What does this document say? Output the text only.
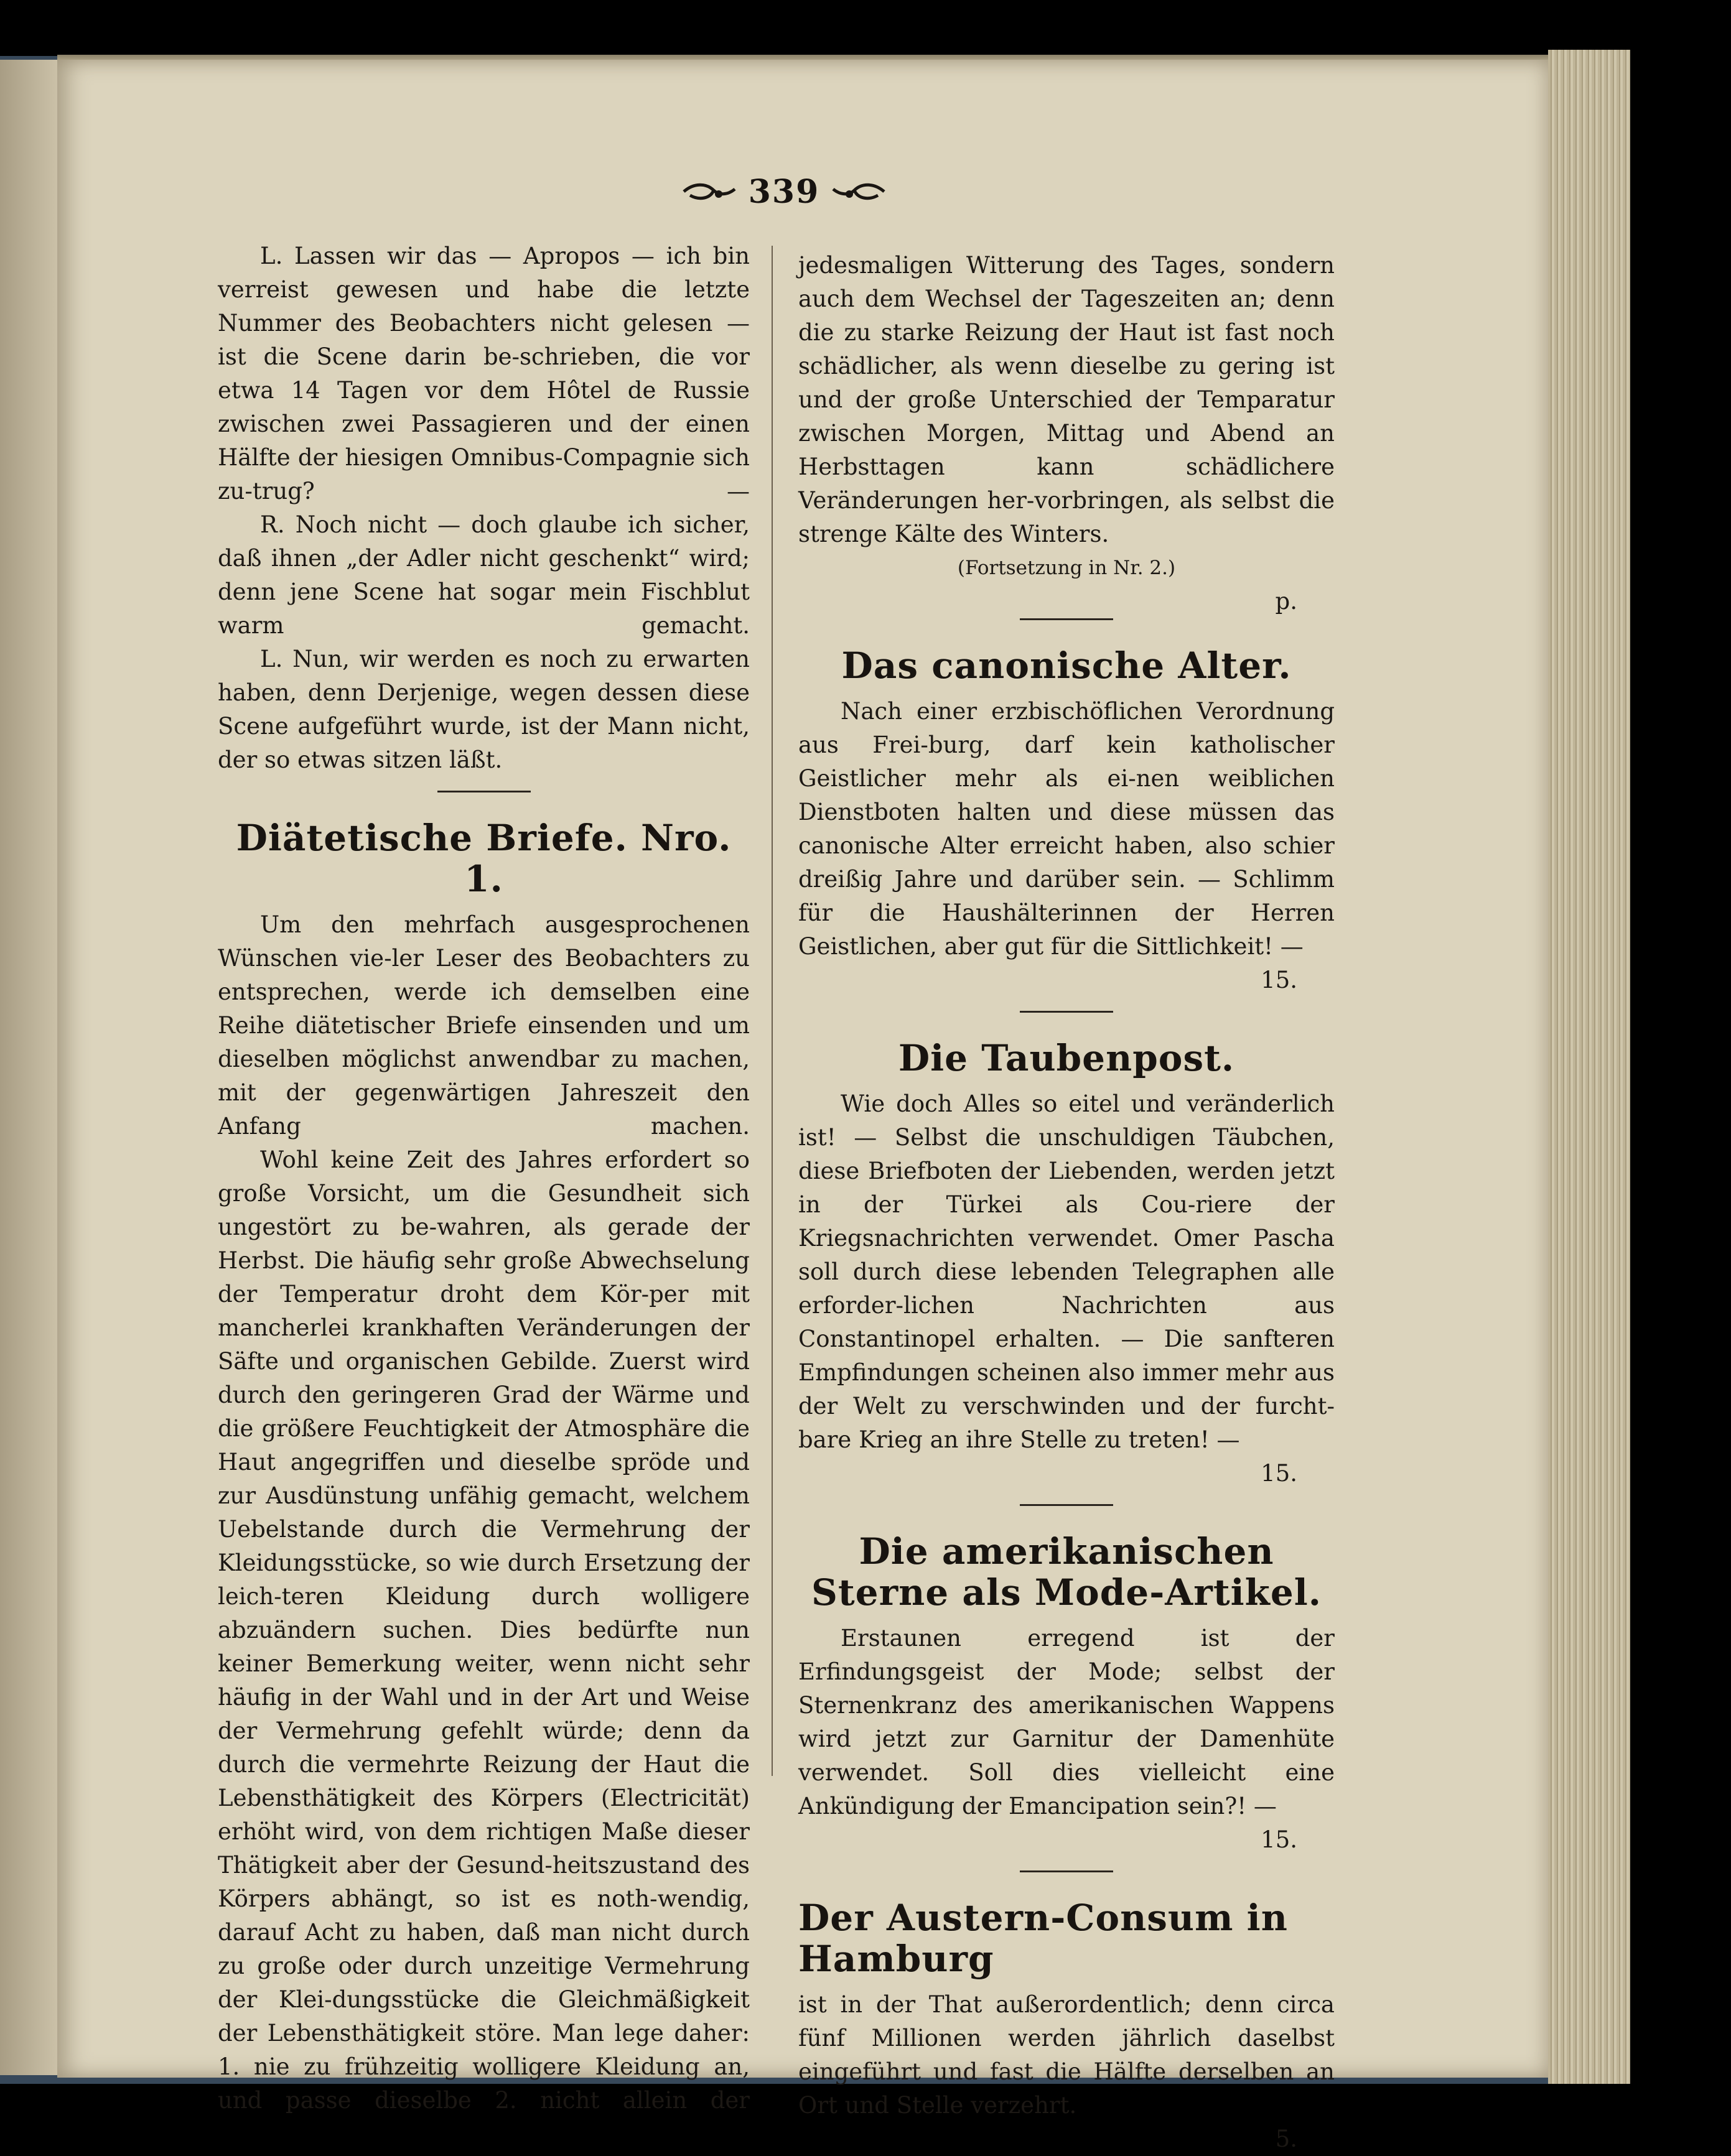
339

L. Lassen wir das — Apropos — ich bin verreist gewesen und habe die letzte Nummer des Beobachters nicht gelesen — ist die Scene darin be-schrieben, die vor etwa 14 Tagen vor dem Hôtel de Russie zwischen zwei Passagieren und der einen Hälfte der hiesigen Omnibus-Compagnie sich zu-trug? —

R. Noch nicht — doch glaube ich sicher, daß ihnen „der Adler nicht geschenkt“ wird; denn jene Scene hat sogar mein Fischblut warm gemacht.

L. Nun, wir werden es noch zu erwarten haben, denn Derjenige, wegen dessen diese Scene aufgeführt wurde, ist der Mann nicht, der so etwas sitzen läßt.

Diätetische Briefe. Nro. 1.

Um den mehrfach ausgesprochenen Wünschen vie-ler Leser des Beobachters zu entsprechen, werde ich demselben eine Reihe diätetischer Briefe einsenden und um dieselben möglichst anwendbar zu machen, mit der gegenwärtigen Jahreszeit den Anfang machen.

Wohl keine Zeit des Jahres erfordert so große Vorsicht, um die Gesundheit sich ungestört zu be-wahren, als gerade der Herbst. Die häufig sehr große Abwechselung der Temperatur droht dem Kör-per mit mancherlei krankhaften Veränderungen der Säfte und organischen Gebilde. Zuerst wird durch den geringeren Grad der Wärme und die größere Feuchtigkeit der Atmosphäre die Haut angegriffen und dieselbe spröde und zur Ausdünstung unfähig gemacht, welchem Uebelstande durch die Vermehrung der Kleidungsstücke, so wie durch Ersetzung der leich-teren Kleidung durch wolligere abzuändern suchen. Dies bedürfte nun keiner Bemerkung weiter, wenn nicht sehr häufig in der Wahl und in der Art und Weise der Vermehrung gefehlt würde; denn da durch die vermehrte Reizung der Haut die Lebensthätigkeit des Körpers (Electricität) erhöht wird, von dem richtigen Maße dieser Thätigkeit aber der Gesund-heitszustand des Körpers abhängt, so ist es noth-wendig, darauf Acht zu haben, daß man nicht durch zu große oder durch unzeitige Vermehrung der Klei-dungsstücke die Gleichmäßigkeit der Lebensthätigkeit störe. Man lege daher: 1. nie zu frühzeitig wolligere Kleidung an, und passe dieselbe 2. nicht allein der

jedesmaligen Witterung des Tages, sondern auch dem Wechsel der Tageszeiten an; denn die zu starke Reizung der Haut ist fast noch schädlicher, als wenn dieselbe zu gering ist und der große Unterschied der Temparatur zwischen Morgen, Mittag und Abend an Herbsttagen kann schädlichere Veränderungen her-vorbringen, als selbst die strenge Kälte des Winters.

(Fortsetzung in Nr. 2.)

p.

Das canonische Alter.

Nach einer erzbischöflichen Verordnung aus Frei-burg, darf kein katholischer Geistlicher mehr als ei-nen weiblichen Dienstboten halten und diese müssen das canonische Alter erreicht haben, also schier dreißig Jahre und darüber sein. — Schlimm für die Haushälterinnen der Herren Geistlichen, aber gut für die Sittlichkeit! —

15.

Die Taubenpost.

Wie doch Alles so eitel und veränderlich ist! — Selbst die unschuldigen Täubchen, diese Briefboten der Liebenden, werden jetzt in der Türkei als Cou-riere der Kriegsnachrichten verwendet. Omer Pascha soll durch diese lebenden Telegraphen alle erforder-lichen Nachrichten aus Constantinopel erhalten. — Die sanfteren Empfindungen scheinen also immer mehr aus der Welt zu verschwinden und der furcht-bare Krieg an ihre Stelle zu treten! —

15.

Die amerikanischen Sterne als Mode-Artikel.

Erstaunen erregend ist der Erfindungsgeist der Mode; selbst der Sternenkranz des amerikanischen Wappens wird jetzt zur Garnitur der Damenhüte verwendet. Soll dies vielleicht eine Ankündigung der Emancipation sein?! —

15.

Der Austern-Consum in Hamburg

ist in der That außerordentlich; denn circa fünf Millionen werden jährlich daselbst eingeführt und fast die Hälfte derselben an Ort und Stelle verzehrt.

5.
